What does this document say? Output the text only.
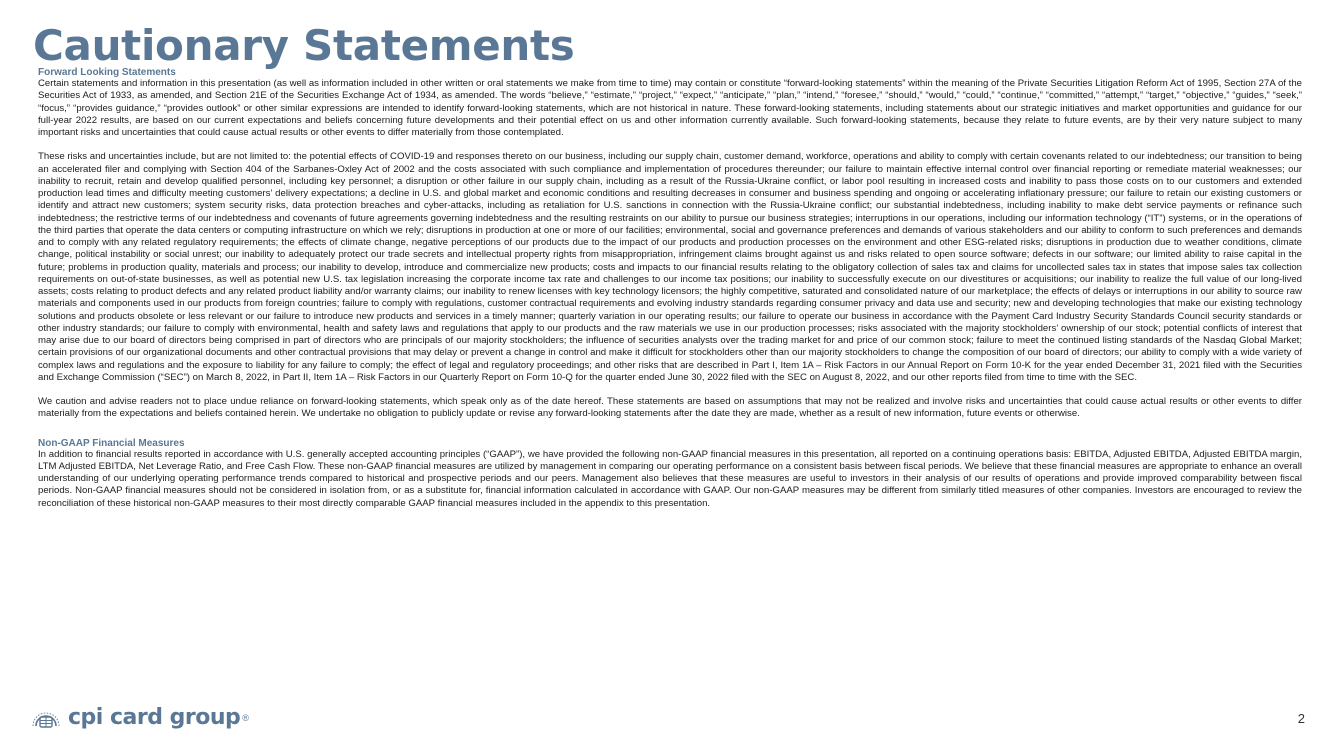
Cautionary Statements
Forward Looking Statements

Certain statements and information in this presentation (as well as information included in other written or oral statements we make from time to time) may contain or constitute “forward-looking statements” within the meaning of the Private Securities Litigation Reform Act of 1995, Section 27A of the Securities Act of 1933, as amended, and Section 21E of the Securities Exchange Act of 1934, as amended. The words “believe,” “estimate,” “project,” “expect,” “anticipate,” “plan,” “intend,” “foresee,” “should,” “would,” “could,” “continue,” “committed,” “attempt,” “target,” “objective,” “guides,” “seek,” “focus,” “provides guidance,” “provides outlook” or other similar expressions are intended to identify forward-looking statements, which are not historical in nature. These forward-looking statements, including statements about our strategic initiatives and market opportunities and guidance for our full-year 2022 results, are based on our current expectations and beliefs concerning future developments and their potential effect on us and other information currently available. Such forward-looking statements, because they relate to future events, are by their very nature subject to many important risks and uncertainties that could cause actual results or other events to differ materially from those contemplated.

These risks and uncertainties include, but are not limited to: the potential effects of COVID-19 and responses thereto on our business, including our supply chain, customer demand, workforce, operations and ability to comply with certain covenants related to our indebtedness; our transition to being an accelerated filer and complying with Section 404 of the Sarbanes-Oxley Act of 2002 and the costs associated with such compliance and implementation of procedures thereunder; our failure to maintain effective internal control over financial reporting or remediate material weaknesses; our inability to recruit, retain and develop qualified personnel, including key personnel; a disruption or other failure in our supply chain, including as a result of the Russia-Ukraine conflict, or labor pool resulting in increased costs and inability to pass those costs on to our customers and extended production lead times and difficulty meeting customers’ delivery expectations; a decline in U.S. and global market and economic conditions and resulting decreases in consumer and business spending and ongoing or accelerating inflationary pressure; our failure to retain our existing customers or identify and attract new customers; system security risks, data protection breaches and cyber-attacks, including as retaliation for U.S. sanctions in connection with the Russia-Ukraine conflict; our substantial indebtedness, including inability to make debt service payments or refinance such indebtedness; the restrictive terms of our indebtedness and covenants of future agreements governing indebtedness and the resulting restraints on our ability to pursue our business strategies; interruptions in our operations, including our information technology (“IT”) systems, or in the operations of the third parties that operate the data centers or computing infrastructure on which we rely; disruptions in production at one or more of our facilities; environmental, social and governance preferences and demands of various stakeholders and our ability to conform to such preferences and demands and to comply with any related regulatory requirements; the effects of climate change, negative perceptions of our products due to the impact of our products and production processes on the environment and other ESG-related risks; disruptions in production due to weather conditions, climate change, political instability or social unrest; our inability to adequately protect our trade secrets and intellectual property rights from misappropriation, infringement claims brought against us and risks related to open source software; defects in our software; our limited ability to raise capital in the future; problems in production quality, materials and process; our inability to develop, introduce and commercialize new products; costs and impacts to our financial results relating to the obligatory collection of sales tax and claims for uncollected sales tax in states that impose sales tax collection requirements on out-of-state businesses, as well as potential new U.S. tax legislation increasing the corporate income tax rate and challenges to our income tax positions; our inability to successfully execute on our divestitures or acquisitions; our inability to realize the full value of our long-lived assets; costs relating to product defects and any related product liability and/or warranty claims; our inability to renew licenses with key technology licensors; the highly competitive, saturated and consolidated nature of our marketplace; the effects of delays or interruptions in our ability to source raw materials and components used in our products from foreign countries; failure to comply with regulations, customer contractual requirements and evolving industry standards regarding consumer privacy and data use and security; new and developing technologies that make our existing technology solutions and products obsolete or less relevant or our failure to introduce new products and services in a timely manner; quarterly variation in our operating results; our failure to operate our business in accordance with the Payment Card Industry Security Standards Council security standards or other industry standards; our failure to comply with environmental, health and safety laws and regulations that apply to our products and the raw materials we use in our production processes; risks associated with the majority stockholders’ ownership of our stock; potential conflicts of interest that may arise due to our board of directors being comprised in part of directors who are principals of our majority stockholders; the influence of securities analysts over the trading market for and price of our common stock; failure to meet the continued listing standards of the Nasdaq Global Market; certain provisions of our organizational documents and other contractual provisions that may delay or prevent a change in control and make it difficult for stockholders other than our majority stockholders to change the composition of our board of directors; our ability to comply with a wide variety of complex laws and regulations and the exposure to liability for any failure to comply; the effect of legal and regulatory proceedings; and other risks that are described in Part I, Item 1A – Risk Factors in our Annual Report on Form 10-K for the year ended December 31, 2021 filed with the Securities and Exchange Commission (“SEC”) on March 8, 2022, in Part II, Item 1A – Risk Factors in our Quarterly Report on Form 10-Q for the quarter ended June 30, 2022 filed with the SEC on August 8, 2022, and our other reports filed from time to time with the SEC.

We caution and advise readers not to place undue reliance on forward-looking statements, which speak only as of the date hereof. These statements are based on assumptions that may not be realized and involve risks and uncertainties that could cause actual results or other events to differ materially from the expectations and beliefs contained herein. We undertake no obligation to publicly update or revise any forward-looking statements after the date they are made, whether as a result of new information, future events or otherwise.

Non-GAAP Financial Measures

In addition to financial results reported in accordance with U.S. generally accepted accounting principles (“GAAP”), we have provided the following non-GAAP financial measures in this presentation, all reported on a continuing operations basis: EBITDA, Adjusted EBITDA, Adjusted EBITDA margin, LTM Adjusted EBITDA, Net Leverage Ratio, and Free Cash Flow. These non-GAAP financial measures are utilized by management in comparing our operating performance on a consistent basis between fiscal periods. We believe that these financial measures are appropriate to enhance an overall understanding of our underlying operating performance trends compared to historical and prospective periods and our peers. Management also believes that these measures are useful to investors in their analysis of our results of operations and provide improved comparability between fiscal periods. Non-GAAP financial measures should not be considered in isolation from, or as a substitute for, financial information calculated in accordance with GAAP. Our non-GAAP measures may be different from similarly titled measures of other companies. Investors are encouraged to review the reconciliation of these historical non-GAAP measures to their most directly comparable GAAP financial measures included in the appendix to this presentation.

cpi card group ®	2
